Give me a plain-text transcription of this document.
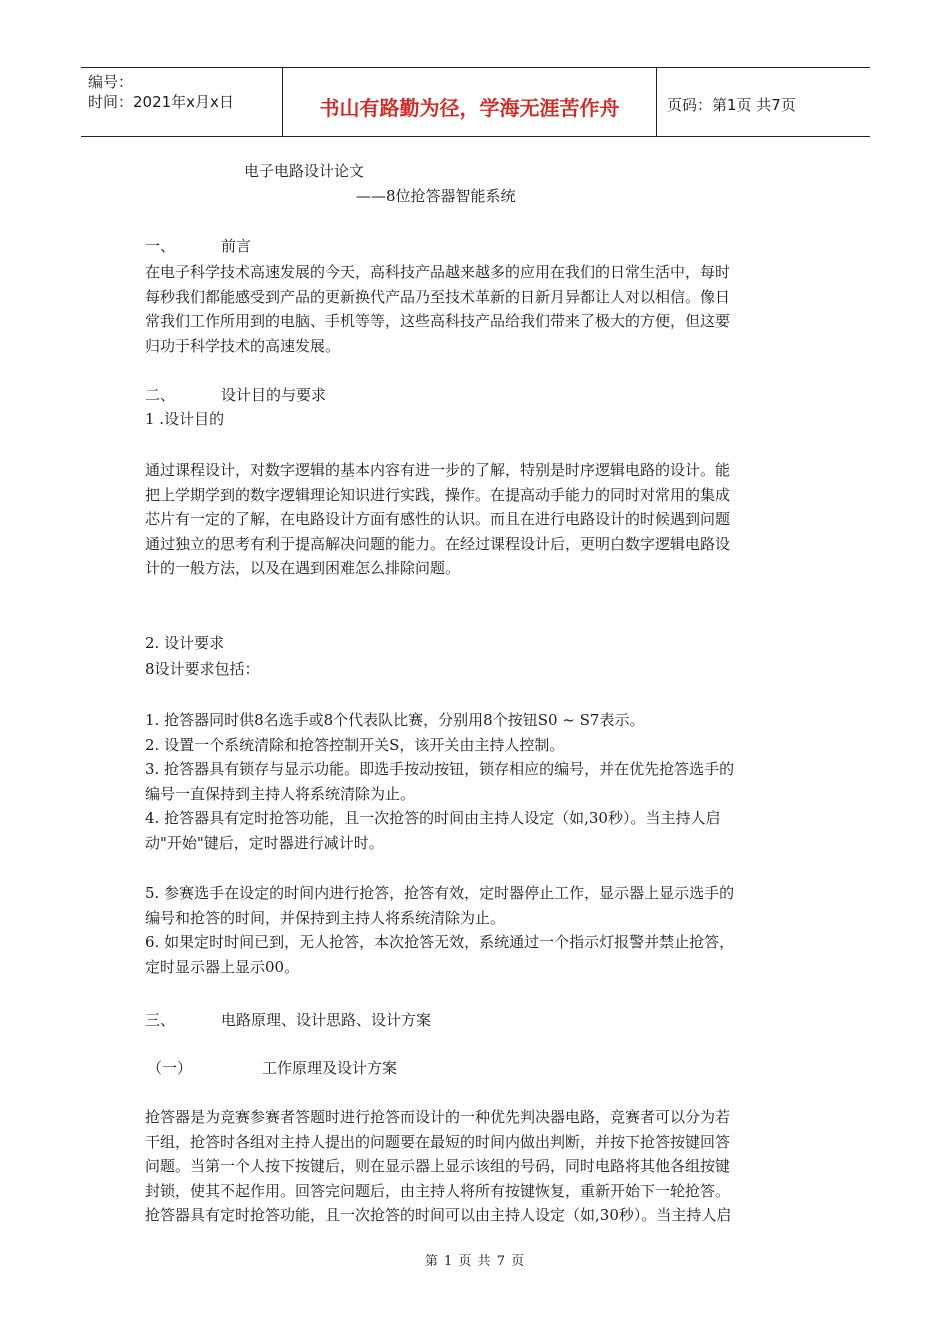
编号：
时间：2021年x月x日	书山有路勤为径，学海无涯苦作舟	页码：第1页 共7页
电子电路设计论文
——8位抢答器智能系统
一、	前言

在电子科学技术高速发展的今天，高科技产品越来越多的应用在我们的日常生活中，每时

每秒我们都能感受到产品的更新换代产品乃至技术革新的日新月异都让人对以相信。像日

常我们工作所用到的电脑、手机等等，这些高科技产品给我们带来了极大的方便，但这要

归功于科学技术的高速发展。

二、	设计目的与要求
1 .设计目的

通过课程设计，对数字逻辑的基本内容有进一步的了解，特别是时序逻辑电路的设计。能

把上学期学到的数字逻辑理论知识进行实践，操作。在提高动手能力的同时对常用的集成

芯片有一定的了解，在电路设计方面有感性的认识。而且在进行电路设计的时候遇到问题

通过独立的思考有利于提高解决问题的能力。在经过课程设计后，更明白数字逻辑电路设

计的一般方法，以及在遇到困难怎么排除问题。

2. 设计要求
8设计要求包括：

1. 抢答器同时供8名选手或8个代表队比赛，分别用8个按钮S0 ~ S7表示。

2. 设置一个系统清除和抢答控制开关S，该开关由主持人控制。

3. 抢答器具有锁存与显示功能。即选手按动按钮，锁存相应的编号，并在优先抢答选手的

编号一直保持到主持人将系统清除为止。

4. 抢答器具有定时抢答功能，且一次抢答的时间由主持人设定（如,30秒）。当主持人启

动"开始"键后，定时器进行减计时。

5. 参赛选手在设定的时间内进行抢答，抢答有效，定时器停止工作，显示器上显示选手的

编号和抢答的时间，并保持到主持人将系统清除为止。

6. 如果定时时间已到，无人抢答，本次抢答无效，系统通过一个指示灯报警并禁止抢答，

定时显示器上显示00。

三、	电路原理、设计思路、设计方案
（一）	工作原理及设计方案

抢答器是为竞赛参赛者答题时进行抢答而设计的一种优先判决器电路，竞赛者可以分为若

干组，抢答时各组对主持人提出的问题要在最短的时间内做出判断，并按下抢答按键回答

问题。当第一个人按下按键后，则在显示器上显示该组的号码，同时电路将其他各组按键

封锁，使其不起作用。回答完问题后，由主持人将所有按键恢复，重新开始下一轮抢答。

抢答器具有定时抢答功能，且一次抢答的时间可以由主持人设定（如,30秒）。当主持人启

第 1 页 共 7 页
